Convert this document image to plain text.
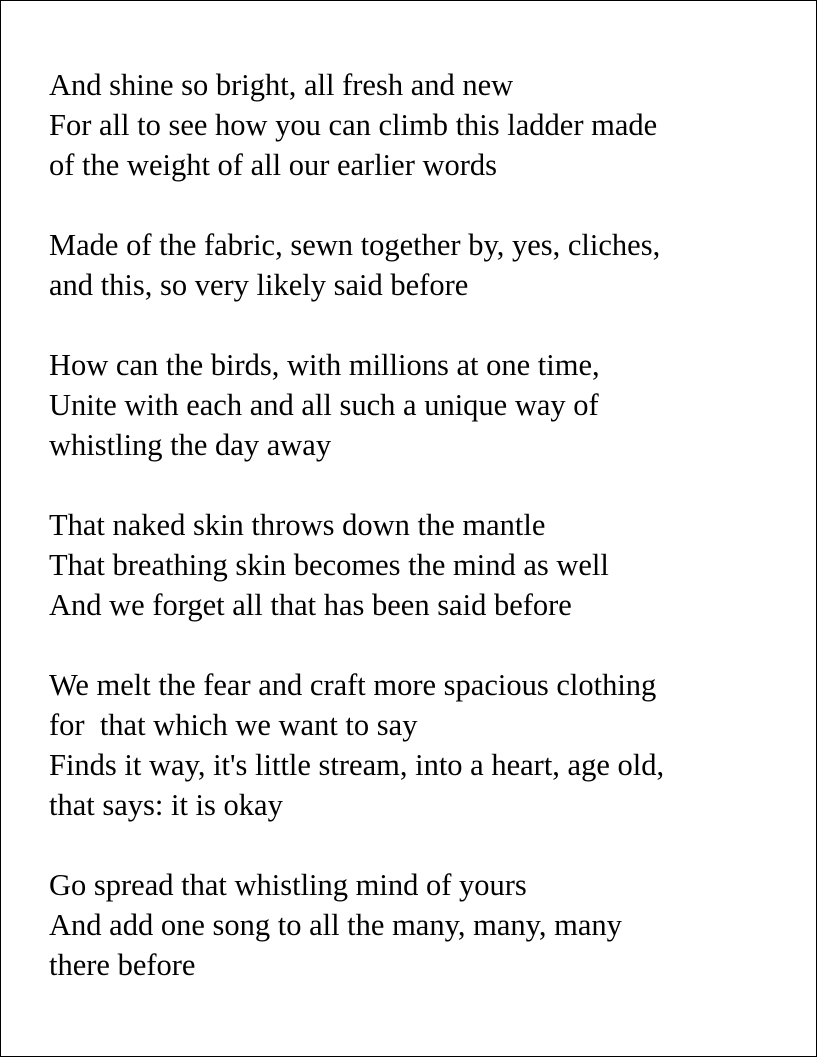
And shine so bright, all fresh and new
For all to see how you can climb this ladder made
of the weight of all our earlier words
Made of the fabric, sewn together by, yes, cliches,
and this, so very likely said before
How can the birds, with millions at one time,
Unite with each and all such a unique way of
whistling the day away
That naked skin throws down the mantle
That breathing skin becomes the mind as well
And we forget all that has been said before
We melt the fear and craft more spacious clothing
for  that which we want to say
Finds it way, it's little stream, into a heart, age old,
that says: it is okay
Go spread that whistling mind of yours
And add one song to all the many, many, many
there before
